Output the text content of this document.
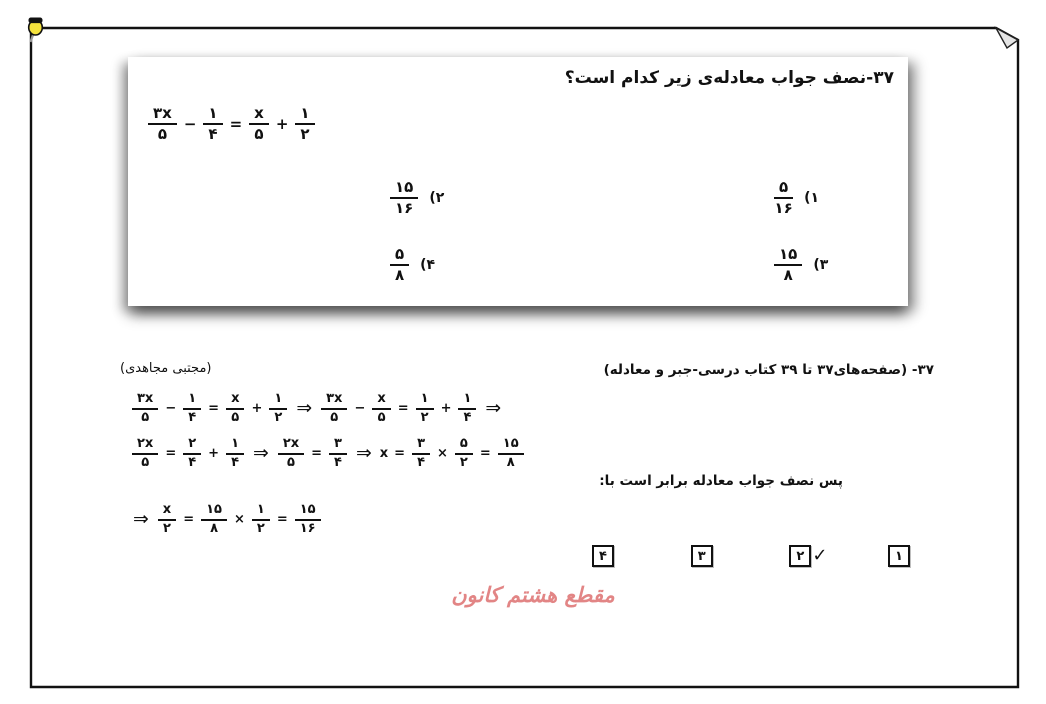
۳۷-نصف جواب معادله‌ی زیر کدام است؟
$\frac{۳x}{۵} - \frac{۱}{۴} = \frac{x}{۵} + \frac{۱}{۲}$
$\frac{۵}{۱۶}$ (۱
$\frac{۱۵}{۱۶}$ (۲
$\frac{۱۵}{۸}$ (۳
$\frac{۵}{۸}$ (۴
۳۷- (صفحه‌های۳۷ تا ۳۹ کتاب درسی-جبر و معادله)
(مجتبی مجاهدی)
$\frac{۳x}{۵} - \frac{۱}{۴} = \frac{x}{۵} + \frac{۱}{۲}$ ⇒ $\frac{۳x}{۵} - \frac{x}{۵} = \frac{۱}{۲} + \frac{۱}{۴}$ ⇒
$\frac{۲x}{۵} = \frac{۲}{۴} + \frac{۱}{۴}$ ⇒ $\frac{۲x}{۵} = \frac{۳}{۴}$ ⇒ $x = \frac{۳}{۴} \times \frac{۵}{۲} = \frac{۱۵}{۸}$
⇒ $\frac{x}{۲} = \frac{۱۵}{۸} \times \frac{۱}{۲} = \frac{۱۵}{۱۶}$
پس نصف جواب معادله برابر است با:
۴	۳	۲ ✓	۱
مقطع هشتم کانون
